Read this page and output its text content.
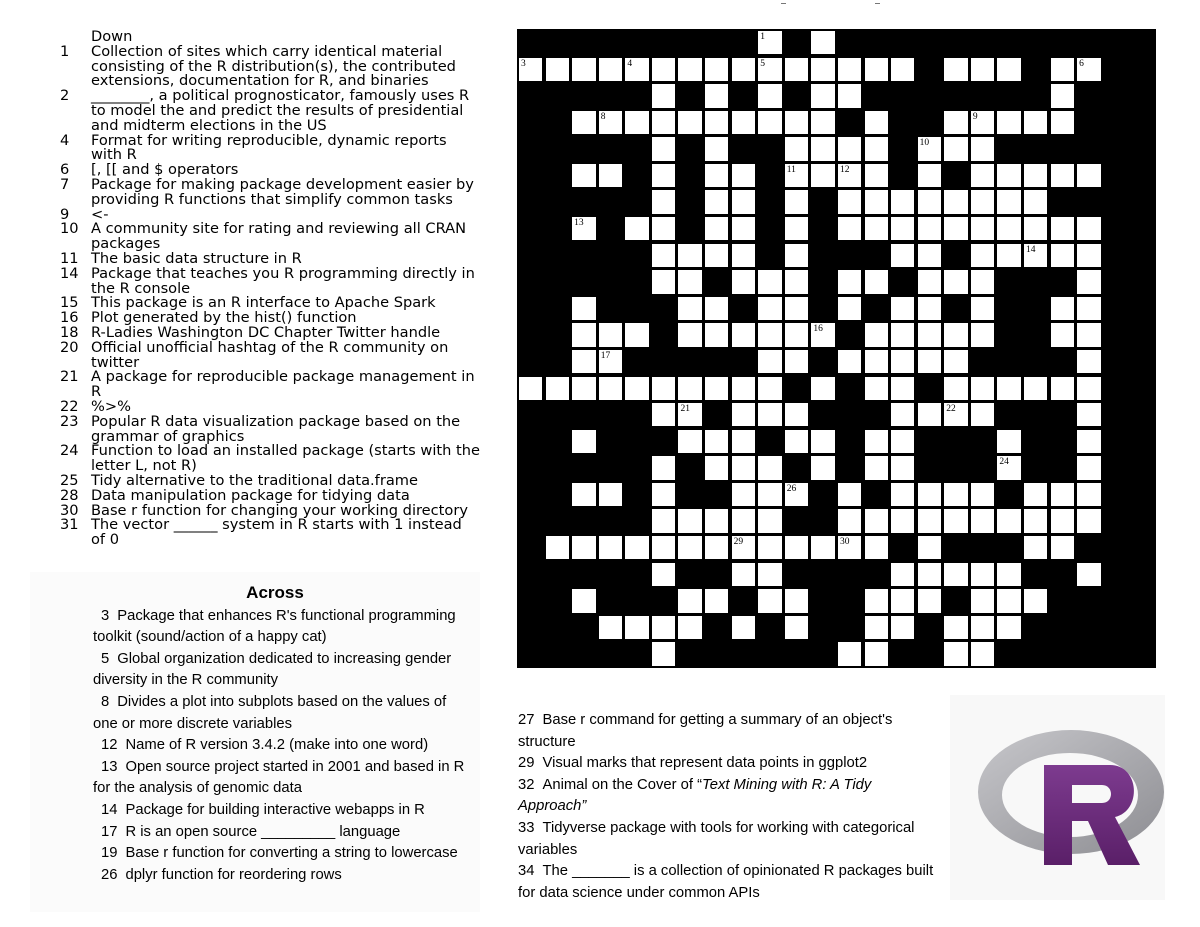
Down
1	Collection of sites which carry identical material consisting of the R distribution(s), the contributed extensions, documentation for R, and binaries
2	________, a political prognosticator, famously uses R to model the and predict the results of presidential and midterm elections in the US
4	Format for writing reproducible, dynamic reports with R
6	[, [[ and $ operators
7	Package for making package development easier by providing R functions that simplify common tasks
9	<-
10 A community site for rating and reviewing all CRAN packages
11 The basic data structure in R
14 Package that teaches you R programming directly in the R console
15 This package is an R interface to Apache Spark
16 Plot generated by the hist() function
18 R-Ladies Washington DC Chapter Twitter handle
20 Official unofficial hashtag of the R community on twitter
21 A package for reproducible package management in R
22 %>%
23 Popular R data visualization package based on the grammar of graphics
24 Function to load an installed package (starts with the letter L, not R)
25 Tidy alternative to the traditional data.frame
28 Data manipulation package for tidying data
30 Base r function for changing your working directory
31 The vector ______ system in R starts with 1 instead of 0
Across
3 Package that enhances R's functional programming toolkit (sound/action of a happy cat)
5 Global organization dedicated to increasing gender diversity in the R community
8 Divides a plot into subplots based on the values of one or more discrete variables
12 Name of R version 3.4.2 (make into one word)
13 Open source project started in 2001 and based in R for the analysis of genomic data
14 Package for building interactive webapps in R
17 R is an open source _________ language
19 Base r function for converting a string to lowercase
26 dplyr function for reordering rows
27 Base r command for getting a summary of an object's structure
29 Visual marks that represent data points in ggplot2
32 Animal on the Cover of “Text Mining with R: A Tidy Approach”
33 Tidyverse package with tools for working with categorical variables
34 The _______ is a collection of opinionated R packages built for data science under common APIs
1	2
3	4	5	6
7
8	9
10
11	12
13
14
15
16
17 18	19	20
21	22
23	24	25
26
27	28
29	30	31	32
33
34
R
